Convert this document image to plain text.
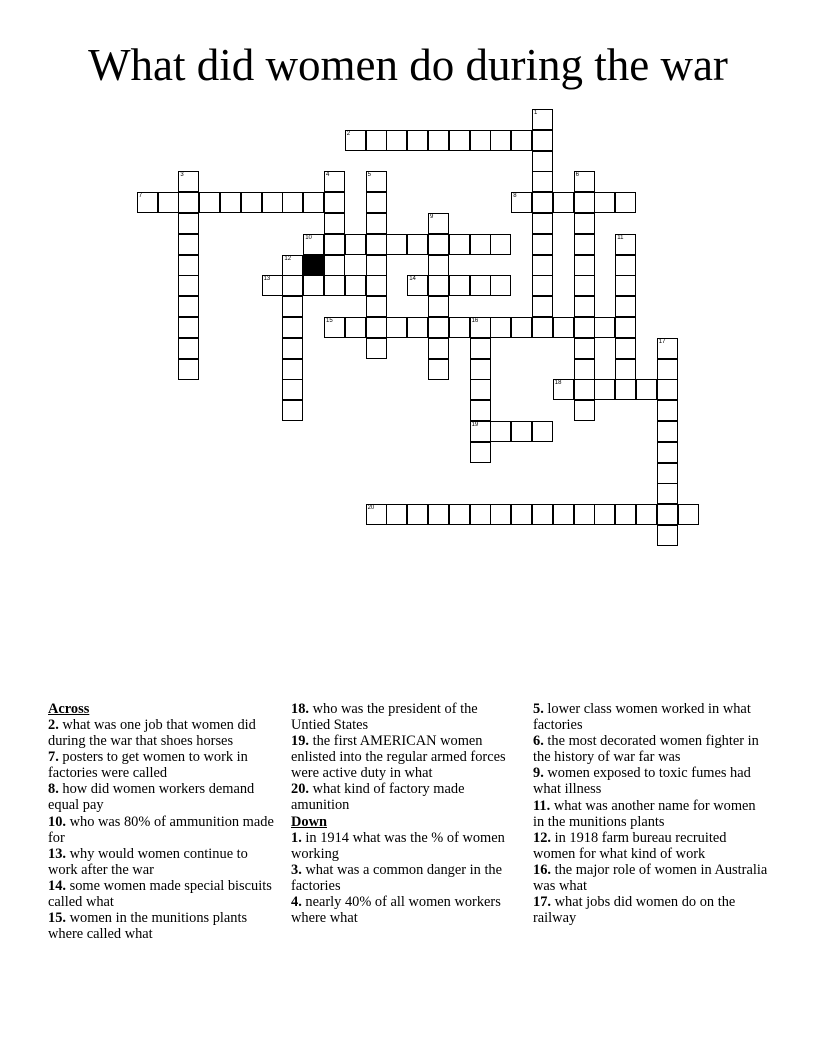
What did women do during the war
1
2
3	4	5	6
7	8
9
10	11
12
13	14
15	16
17
18
19
20
Across
2. what was one job that women did during the war that shoes horses
7. posters to get women to work in factories were called
8. how did women workers demand equal pay
10. who was 80% of ammunition made for
13. why would women continue to work after the war
14. some women made special biscuits called what
15. women in the munitions plants where called what
18. who was the president of the Untied States
19. the first AMERICAN women enlisted into the regular armed forces were active duty in what
20. what kind of factory made amunition
Down
1. in 1914 what was the % of women working
3. what was a common danger in the factories
4. nearly 40% of all women workers where what
5. lower class women worked in what factories
6. the most decorated women fighter in the history of war far was
9. women exposed to toxic fumes had what illness
11. what was another name for women in the munitions plants
12. in 1918 farm bureau recruited women for what kind of work
16. the major role of women in Australia was what
17. what jobs did women do on the railway
